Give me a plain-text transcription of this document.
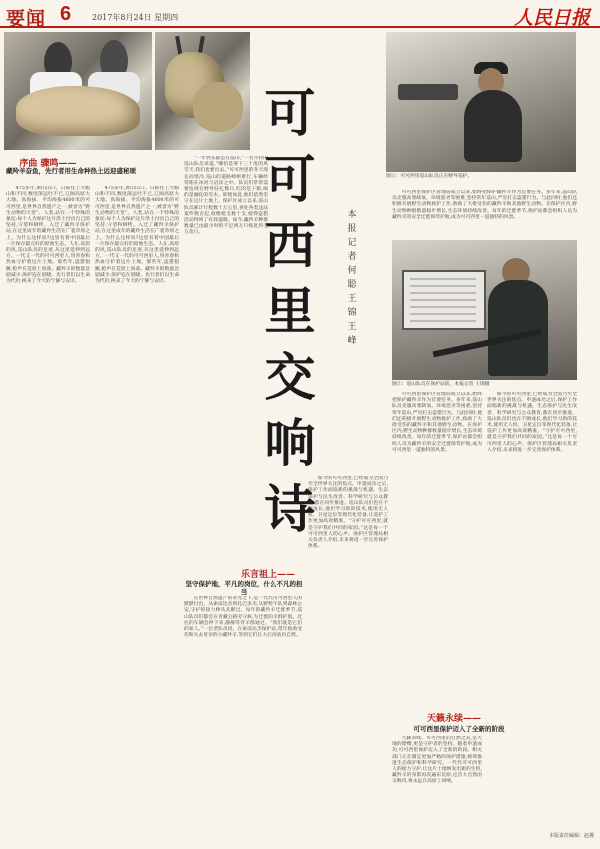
要闻 6	2017年8月24日 星期四	人民日报
可
可
西
里
交
响
诗
本
报
记
者
何
聪
王
锦
王
峰
图①：可可西里巡山队员正在野外巡护。
图②：巡山队员在保护站前。本报记者 王锦摄
序曲 骤鸣——
藏羚羊奋鱼，先行者用生命种热土远迎盛秘颂

475多年,黄山山口。日际往上大帽山和不同,数度深远吐不已,辽阔高原大大地。高海拔、平均海拔4600米的可可西里,是世界自然遗产之一,被誉为“野生动物的天堂”。人类,站在一个特殊的象征:每个人为保护这片净土付出自己的坚持,守望和牺牲。入迁了藏羚羊保护站,在这里成年的藏羚生活在广袤草原之上。为什么这样说?这里有着中国最后一片保存最完好的原始生态。人在,高原的风,巡山队员的足迹,从这里延伸到远方。一代又一代的可可西里人,用青春和热血守护着这片土地。那些年,盗猎猖獗,枪声在荒原上回荡。藏羚羊的数量急剧减少,保护迫在眉睫。先行者们以生命为代价,换来了今天的宁静与安详。

475多年,黄山山口。日际往上大帽山和不同,数度深远吐不已,辽阔高原大大地。高海拔、平均海拔4600米的可可西里,是世界自然遗产之一,被誉为“野生动物的天堂”。人类,站在一个特殊的象征:每个人为保护这片净土付出自己的坚持,守望和牺牲。入迁了藏羚羊保护站,在这里成年的藏羚生活在广袤草原之上。为什么这样说?这里有着中国最后一片保存最完好的原始生态。人在,高原的风,巡山队员的足迹,从这里延伸到远方。一代又一代的可可西里人,用青春和热血守护着这片土地。那些年,盗猎猖獗,枪声在荒原上回荡。藏羚羊的数量急剧减少,保护迫在眉睫。先行者们以生命为代价,换来了今天的宁静与安详。

“一年到头都是在巡山,”一名年轻的巡山队员说道,“哪怕是零下三十度的风雪天,我们也要出去。”可可西里的冬天漫长而寒冷,巡山的道路崎岖难行,车辆经常陷在冰河与沼泽之中。队员们常常需要连续在野外驻扎数日,吃的是干粮,喝的是融化的雪水。即使如此,他们依然坚守在这片土地上。保护区成立以来,巡山队员累计行程数十万公里,查处各类违法案件数百起,收缴枪支数十支,使得盗猎活动得到了有效遏制。如今,藏羚羊种群数量已由最少时的不足两万只恢复到七万余只。

在世界自然遗产的荣光之下,是一代代可可西里人的默默付出。从索南达杰到扎巴多杰,从野牦牛队到森林公安,守护的接力棒从未断过。每年的藏羚羊迁徙季节,巡山队员们都会在青藏公路旁守候,为迁徙的羊群护航。过往的车辆会停下来,静静等待羊群通过。“我们就是它们的家人。”一位老队员说。在索南达杰保护站,常年救助受伤和失去母亲的小藏羚羊,等到它们长大后再放归自然。

如今的可可西里,已经成为全国乃至全世界关注的焦点。申遗成功之后,保护工作面临新的挑战与机遇。生态保护与民生改善、科学研究与公众教育,都在同步推进。巡山队员们也在不断成长,他们学习新的技术,使用无人机、卫星定位等现代化装备,让巡护工作更加高效精准。“守护可可西里,就是守护我们共同的家园。”这是每一个可可西里人的心声。保护区管理局相关负责人介绍,未来将进一步完善保护体系。

可可西里保护区管理局成立以来,始终把保护藏羚羊作为首要任务。多年来,巡山队员克服高寒缺氧、环境恶劣等困难,坚持常年巡山,严厉打击盗猎行为。与此同时,他们还积极开展野生动物救护工作,救助了大批受伤的藏羚羊和其他野生动物。在保护区内,野生动物种群数量稳步增长,生态环境持续改善。每年的迁徙季节,保护站都会组织人员为藏羚羊的安全迁徙保驾护航,成为可可西里一道独特的风景。

可可西里保护区管理局成立以来,始终把保护藏羚羊作为首要任务。多年来,巡山队员克服高寒缺氧、环境恶劣等困难,坚持常年巡山,严厉打击盗猎行为。与此同时,他们还积极开展野生动物救护工作,救助了大批受伤的藏羚羊和其他野生动物。在保护区内,野生动物种群数量稳步增长,生态环境持续改善。每年的迁徙季节,保护站都会组织人员为藏羚羊的安全迁徙保驾护航,成为可可西里一道独特的风景。

如今的可可西里,已经成为全国乃至全世界关注的焦点。申遗成功之后,保护工作面临新的挑战与机遇。生态保护与民生改善、科学研究与公众教育,都在同步推进。巡山队员们也在不断成长,他们学习新的技术,使用无人机、卫星定位等现代化装备,让巡护工作更加高效精准。“守护可可西里,就是守护我们共同的家园。”这是每一个可可西里人的心声。保护区管理局相关负责人介绍,未来将进一步完善保护体系。

天籁永续。可可西里的自然之美,是大地的馈赠,更是守护者的坚持。随着申遗成功,可可西里保护迈入了全新的阶段。相关部门正在制定更加严格的保护措施,统筹推进生态保护和科学研究。一代代可可西里人的接力守护,让这片土地焕发出新的生机,藏羚羊的身影再次遍布荒原,这首大自然的交响诗,将永远在高原上回响。

乐言祖上——
坚守保护地，平凡的岗位，什么不凡的担当
天籁永续——
可可西里保护迈入了全新的阶段
本版责任编辑：赵翼
